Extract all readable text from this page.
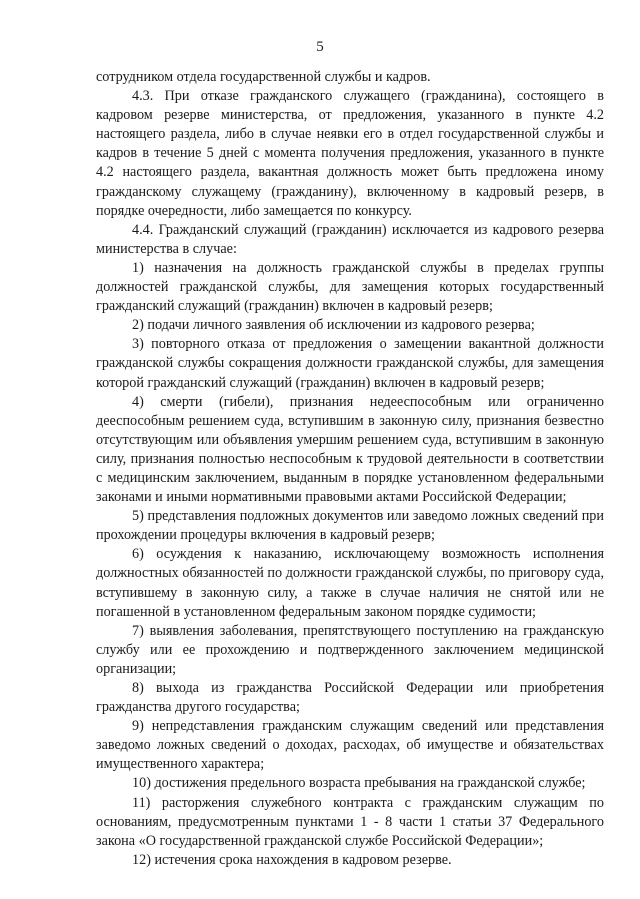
5

сотрудником отдела государственной службы и кадров.

4.3. При отказе гражданского служащего (гражданина), состоящего в кадровом резерве министерства, от предложения, указанного в пункте 4.2 настоящего раздела, либо в случае неявки его в отдел государственной службы и кадров в течение 5 дней с момента получения предложения, указанного в пункте 4.2 настоящего раздела, вакантная должность может быть предложена иному гражданскому служащему (гражданину), включенному в кадровый резерв, в порядке очередности, либо замещается по конкурсу.

4.4. Гражданский служащий (гражданин) исключается из кадрового резерва министерства в случае:

1) назначения на должность гражданской службы в пределах группы должностей гражданской службы, для замещения которых государственный гражданский служащий (гражданин) включен в кадровый резерв;

2) подачи личного заявления об исключении из кадрового резерва;

3) повторного отказа от предложения о замещении вакантной должности гражданской службы сокращения должности гражданской службы, для замещения которой гражданский служащий (гражданин) включен в кадровый резерв;

4) смерти (гибели), признания недееспособным или ограниченно дееспособным решением суда, вступившим в законную силу, признания безвестно отсутствующим или объявления умершим решением суда, вступившим в законную силу, признания полностью неспособным к трудовой деятельности в соответствии с медицинским заключением, выданным в порядке установленном федеральными законами и иными нормативными правовыми актами Российской Федерации;

5) представления подложных документов или заведомо ложных сведений при прохождении процедуры включения в кадровый резерв;

6) осуждения к наказанию, исключающему возможность исполнения должностных обязанностей по должности гражданской службы, по приговору суда, вступившему в законную силу, а также в случае наличия не снятой или не погашенной в установленном федеральным законом порядке судимости;

7) выявления заболевания, препятствующего поступлению на гражданскую службу или ее прохождению и подтвержденного заключением медицинской организации;

8) выхода из гражданства Российской Федерации или приобретения гражданства другого государства;

9) непредставления гражданским служащим сведений или представления заведомо ложных сведений о доходах, расходах, об имуществе и обязательствах имущественного характера;

10) достижения предельного возраста пребывания на гражданской службе;

11) расторжения служебного контракта с гражданским служащим по основаниям, предусмотренным пунктами 1 - 8 части 1 статьи 37 Федерального закона «О государственной гражданской службе Российской Федерации»;

12) истечения срока нахождения в кадровом резерве.
